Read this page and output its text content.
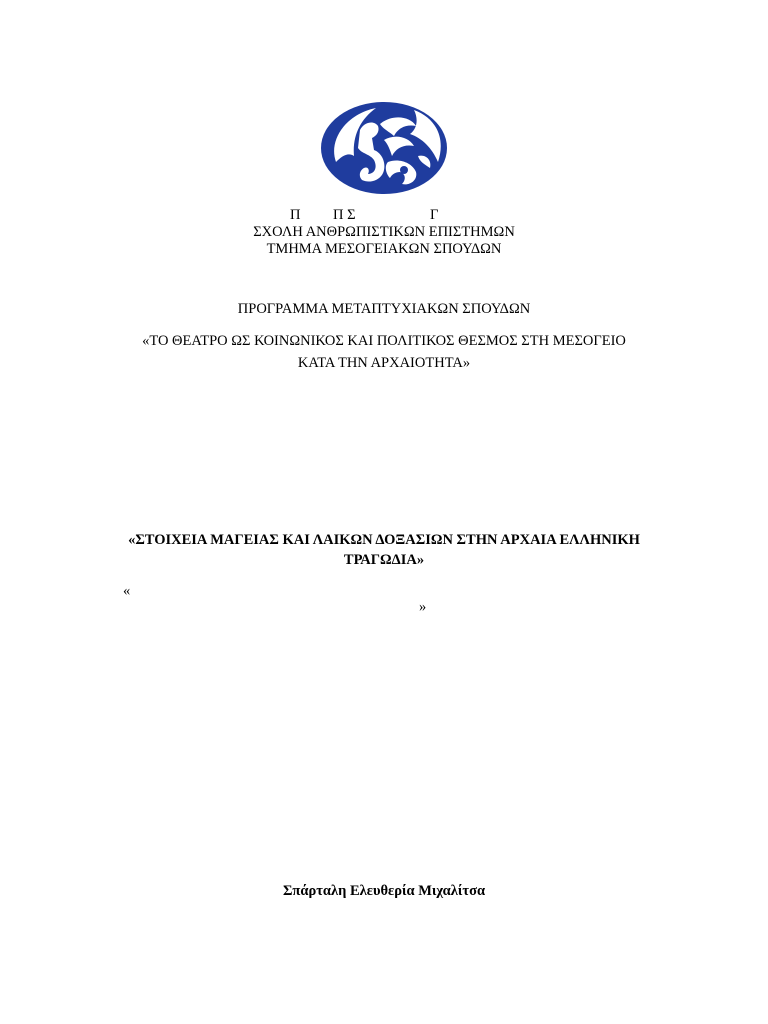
Π Π Σ	Γ
ΣΧΟΛΗ ΑΝΘΡΩΠΙΣΤΙΚΩΝ ΕΠΙΣΤΗΜΩΝ
ΤΜΗΜΑ ΜΕΣΟΓΕΙΑΚΩΝ ΣΠΟΥΔΩΝ
ΠΡΟΓΡΑΜΜΑ ΜΕΤΑΠΤΥΧΙΑΚΩΝ ΣΠΟΥΔΩΝ
«ΤΟ ΘΕΑΤΡΟ ΩΣ ΚΟΙΝΩΝΙΚΟΣ ΚΑΙ ΠΟΛΙΤΙΚΟΣ ΘΕΣΜΟΣ ΣΤΗ ΜΕΣΟΓΕΙΟ
ΚΑΤΑ ΤΗΝ ΑΡΧΑΙΟΤΗΤΑ»
«ΣΤΟΙΧΕΙΑ ΜΑΓΕΙΑΣ ΚΑΙ ΛΑΙΚΩΝ ΔΟΞΑΣΙΩΝ ΣΤΗΝ ΑΡΧΑΙΑ ΕΛΛΗΝΙΚΗ
ΤΡΑΓΩΔΙΑ»
«
»
Σπάρταλη Ελευθερία Μιχαλίτσα
